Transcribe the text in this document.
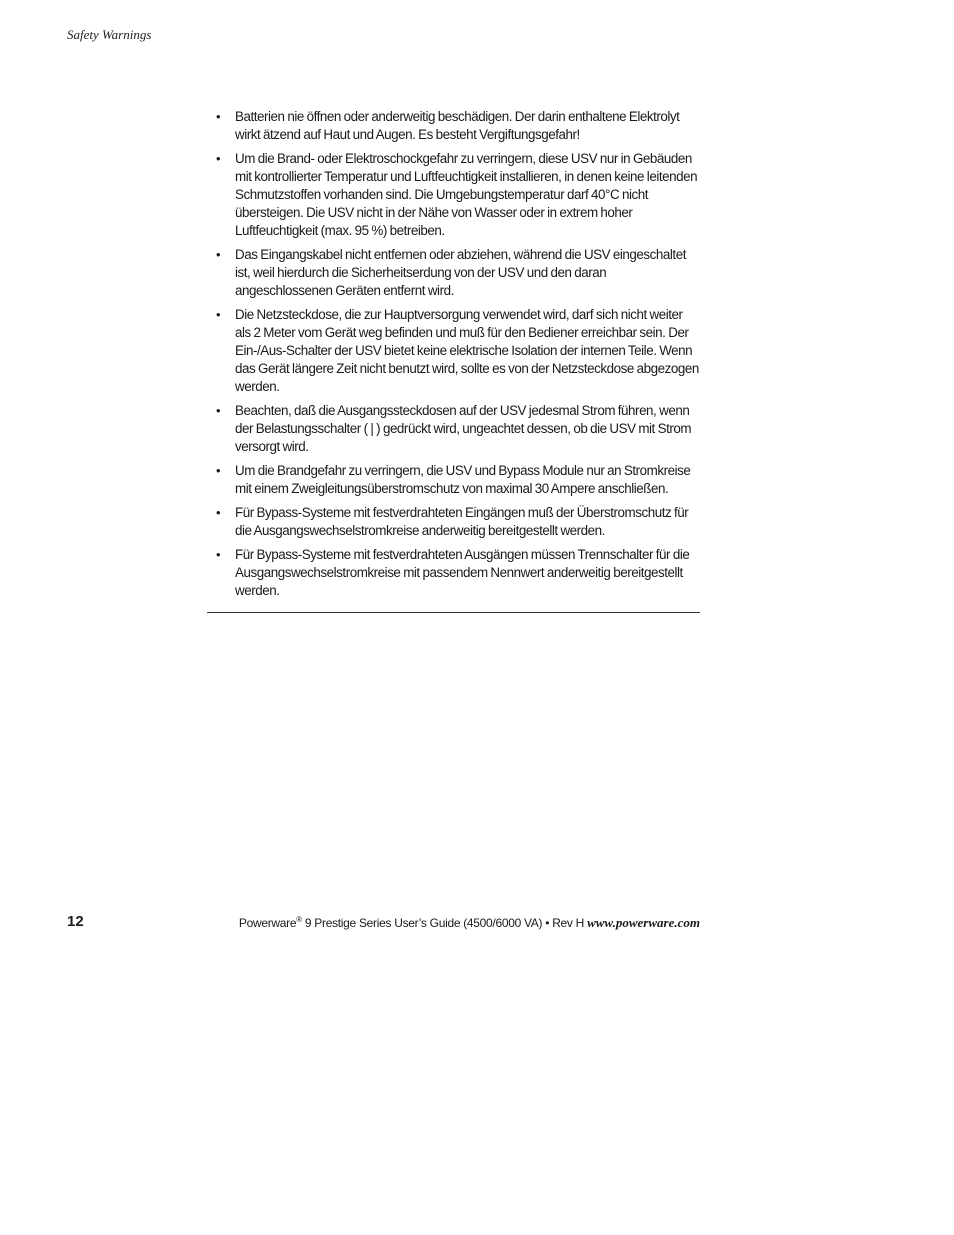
Safety Warnings
• Batterien nie öffnen oder anderweitig beschädigen. Der darin enthaltene Elektrolyt wirkt ätzend auf Haut und Augen. Es besteht Vergiftungsgefahr!
• Um die Brand- oder Elektroschockgefahr zu verringern, diese USV nur in Gebäuden mit kontrollierter Temperatur und Luftfeuchtigkeit installieren, in denen keine leitenden Schmutzstoffen vorhanden sind. Die Umgebungstemperatur darf 40°C nicht übersteigen. Die USV nicht in der Nähe von Wasser oder in extrem hoher Luftfeuchtigkeit (max. 95 %) betreiben.
• Das Eingangskabel nicht entfernen oder abziehen, während die USV eingeschaltet ist, weil hierdurch die Sicherheitserdung von der USV und den daran angeschlossenen Geräten entfernt wird.
• Die Netzsteckdose, die zur Hauptversorgung verwendet wird, darf sich nicht weiter als 2 Meter vom Gerät weg befinden und muß für den Bediener erreichbar sein. Der Ein-/Aus-Schalter der USV bietet keine elektrische Isolation der internen Teile. Wenn das Gerät längere Zeit nicht benutzt wird, sollte es von der Netzsteckdose abgezogen werden.
• Beachten, daß die Ausgangssteckdosen auf der USV jedesmal Strom führen, wenn der Belastungsschalter ( | ) gedrückt wird, ungeachtet dessen, ob die USV mit Strom versorgt wird.
• Um die Brandgefahr zu verringern, die USV und Bypass Module nur an Stromkreise mit einem Zweigleitungsüberstromschutz von maximal 30 Ampere anschließen.
• Für Bypass-Systeme mit festverdrahteten Eingängen muß der Überstromschutz für die Ausgangswechselstromkreise anderweitig bereitgestellt werden.
• Für Bypass-Systeme mit festverdrahteten Ausgängen müssen Trennschalter für die Ausgangswechselstromkreise mit passendem Nennwert anderweitig bereitgestellt werden.
12	Powerware® 9 Prestige Series User’s Guide (4500/6000 VA) • Rev H www.powerware.com
